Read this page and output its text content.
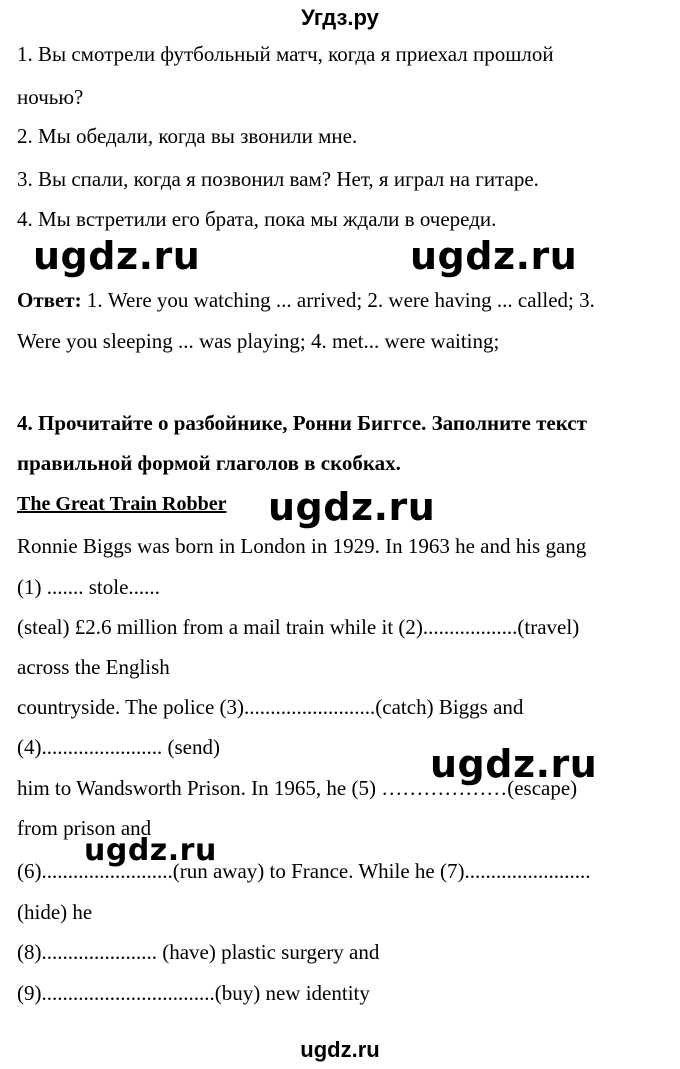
Угдз.ру
1. Вы смотрели футбольный матч, когда я приехал прошлой
ночью?
2. Мы обедали, когда вы звонили мне.
3. Вы спали, когда я позвонил вам? Нет, я играл на гитаре.
4. Мы встретили его брата, пока мы ждали в очереди.
ugdz.ru	ugdz.ru
Ответ: 1. Were you watching ... arrived; 2. were having ... called; 3.
Were you sleeping ... was playing; 4. met... were waiting;
4. Прочитайте о разбойнике, Ронни Биггсе. Заполните текст
правильной формой глаголов в скобках.
The Great Train Robber ugdz.ru
Ronnie Biggs was born in London in 1929. In 1963 he and his gang
(1) ....... stole......
(steal) £2.6 million from a mail train while it (2)..................(travel)
across the English
countryside. The police (3).........................(catch) Biggs and
(4)....................... (send)	ugdz.ru
him to Wandsworth Prison. In 1965, he (5) ………………(escape)
from prison and
ugdz.ru
(6).........................(run away) to France. While he (7)........................
(hide) he
(8)...................... (have) plastic surgery and
(9).................................(buy) new identity
ugdz.ru
